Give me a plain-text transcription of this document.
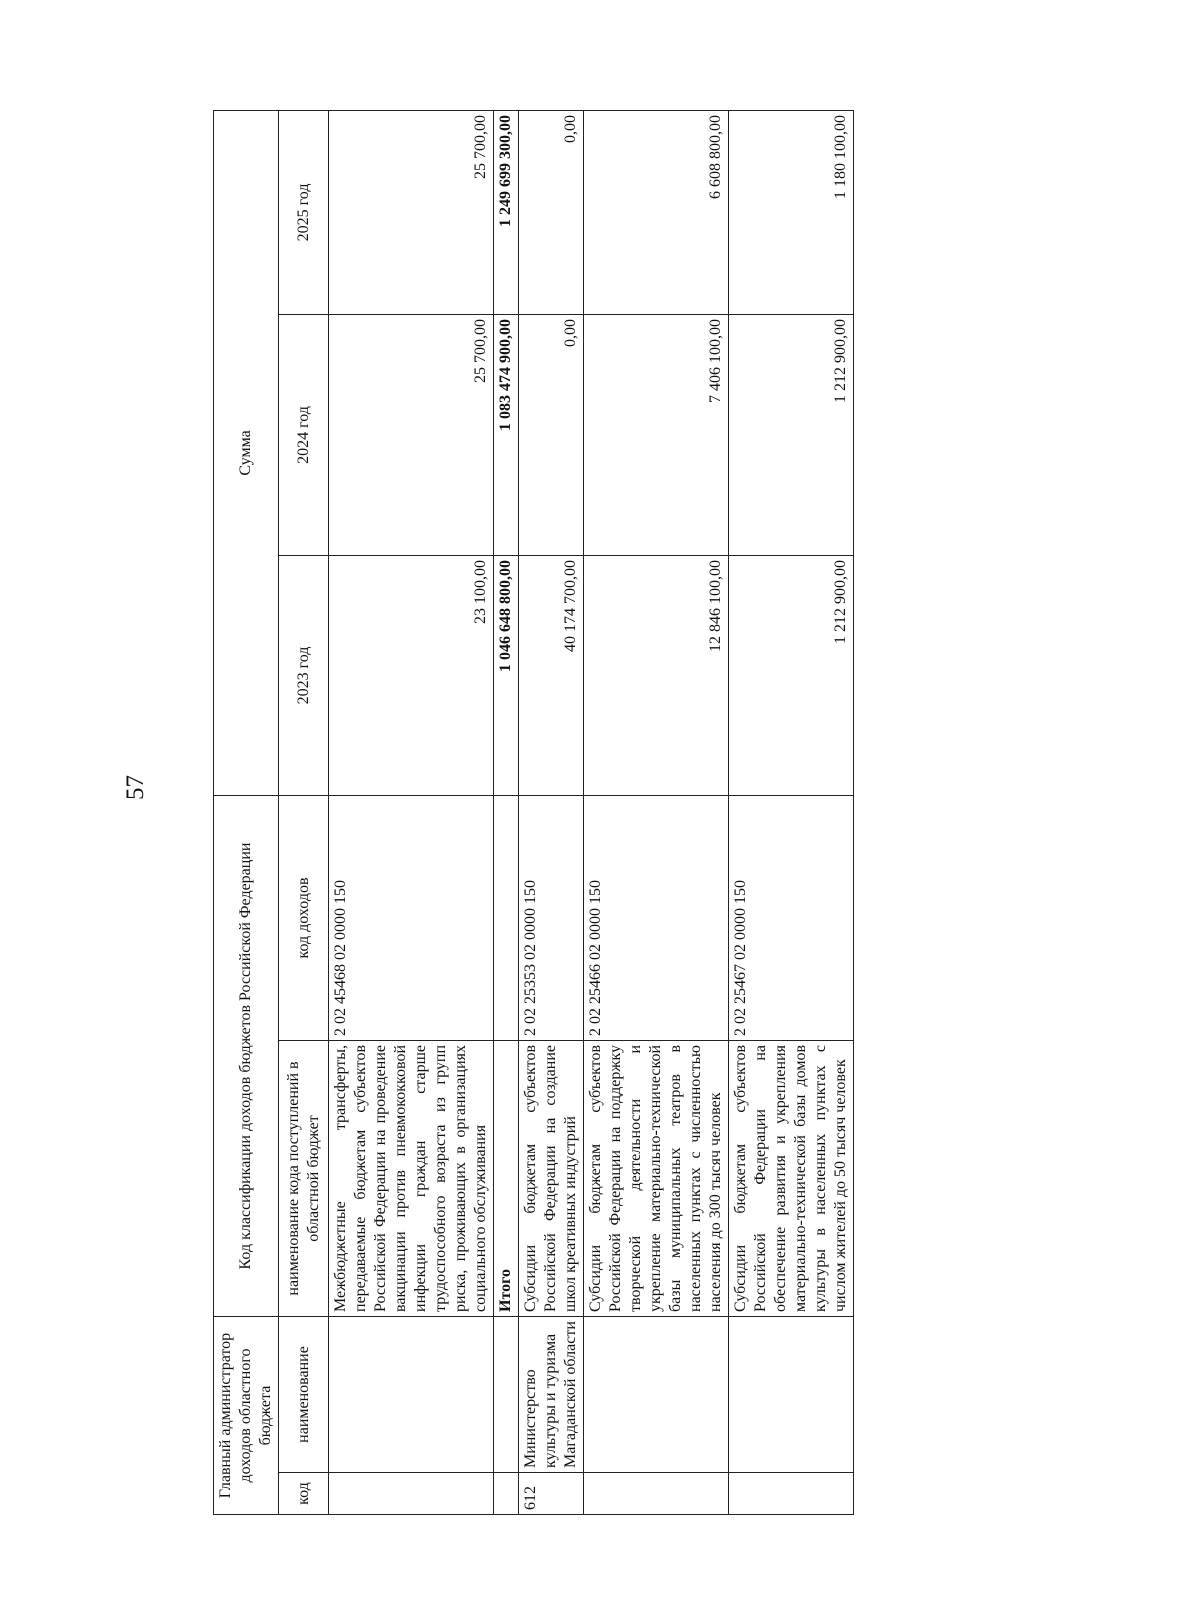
57
Главный администратор доходов областного бюджета		Код классификации доходов бюджетов Российской Федерации		Сумма		
код	наименование	наименование кода поступлений в областной бюджет	код доходов	2023 год	2024 год	2025 год
		Межбюджетные трансферты, передаваемые бюджетам субъектов Российской Федерации на проведение вакцинации против пневмококковой инфекции граждан старше трудоспособного возраста из групп риска, проживающих в организациях социального обслуживания	2 02 45468 02 0000 150	23 100,00	25 700,00	25 700,00
		Итого		1 046 648 800,00	1 083 474 900,00	1 249 699 300,00
612	Министерство культуры и туризма Магаданской области	Субсидии бюджетам субъектов Российской Федерации на создание школ креативных индустрий	2 02 25353 02 0000 150	40 174 700,00	0,00	0,00
		Субсидии бюджетам субъектов Российской Федерации на поддержку творческой деятельности и укрепление материально-технической базы муниципальных театров в населенных пунктах с численностью населения до 300 тысяч человек	2 02 25466 02 0000 150	12 846 100,00	7 406 100,00	6 608 800,00
		Субсидии бюджетам субъектов Российской Федерации на обеспечение развития и укрепления материально-технической базы домов культуры в населенных пунктах с числом жителей до 50 тысяч человек	2 02 25467 02 0000 150	1 212 900,00	1 212 900,00	1 180 100,00
